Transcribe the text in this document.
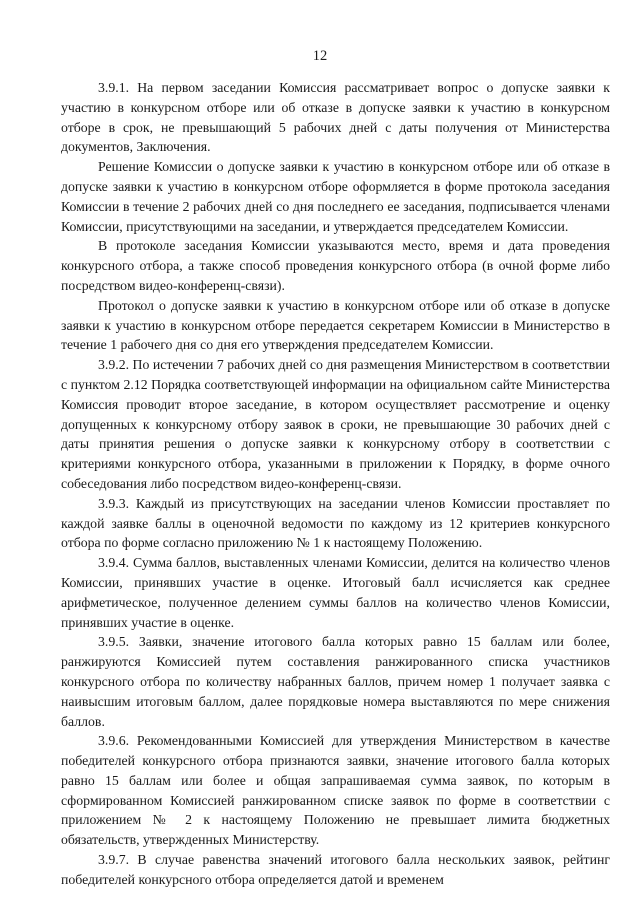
12

3.9.1. На первом заседании Комиссия рассматривает вопрос о допуске заявки к участию в конкурсном отборе или об отказе в допуске заявки к участию в конкурсном отборе в срок, не превышающий 5 рабочих дней с даты получения от Министерства документов, Заключения.

Решение Комиссии о допуске заявки к участию в конкурсном отборе или об отказе в допуске заявки к участию в конкурсном отборе оформляется в форме протокола заседания Комиссии в течение 2 рабочих дней со дня последнего ее заседания, подписывается членами Комиссии, присутствующими на заседании, и утверждается председателем Комиссии.

В протоколе заседания Комиссии указываются место, время и дата проведения конкурсного отбора, а также способ проведения конкурсного отбора (в очной форме либо посредством видео-конференц-связи).

Протокол о допуске заявки к участию в конкурсном отборе или об отказе в допуске заявки к участию в конкурсном отборе передается секретарем Комиссии в Министерство в течение 1 рабочего дня со дня его утверждения председателем Комиссии.

3.9.2. По истечении 7 рабочих дней со дня размещения Министерством в соответствии с пунктом 2.12 Порядка соответствующей информации на официальном сайте Министерства Комиссия проводит второе заседание, в котором осуществляет рассмотрение и оценку допущенных к конкурсному отбору заявок в сроки, не превышающие 30 рабочих дней с даты принятия решения о допуске заявки к конкурсному отбору в соответствии с критериями конкурсного отбора, указанными в приложении к Порядку, в форме очного собеседования либо посредством видео-конференц-связи.

3.9.3. Каждый из присутствующих на заседании членов Комиссии проставляет по каждой заявке баллы в оценочной ведомости по каждому из 12 критериев конкурсного отбора по форме согласно приложению № 1 к настоящему Положению.

3.9.4. Сумма баллов, выставленных членами Комиссии, делится на количество членов Комиссии, принявших участие в оценке. Итоговый балл исчисляется как среднее арифметическое, полученное делением суммы баллов на количество членов Комиссии, принявших участие в оценке.

3.9.5. Заявки, значение итогового балла которых равно 15 баллам или более, ранжируются Комиссией путем составления ранжированного списка участников конкурсного отбора по количеству набранных баллов, причем номер 1 получает заявка с наивысшим итоговым баллом, далее порядковые номера выставляются по мере снижения баллов.

3.9.6. Рекомендованными Комиссией для утверждения Министерством в качестве победителей конкурсного отбора признаются заявки, значение итогового балла которых равно 15 баллам или более и общая запрашиваемая сумма заявок, по которым в сформированном Комиссией ранжированном списке заявок по форме в соответствии с приложением № 2 к настоящему Положению не превышает лимита бюджетных обязательств, утвержденных Министерству.

3.9.7. В случае равенства значений итогового балла нескольких заявок, рейтинг победителей конкурсного отбора определяется датой и временем
